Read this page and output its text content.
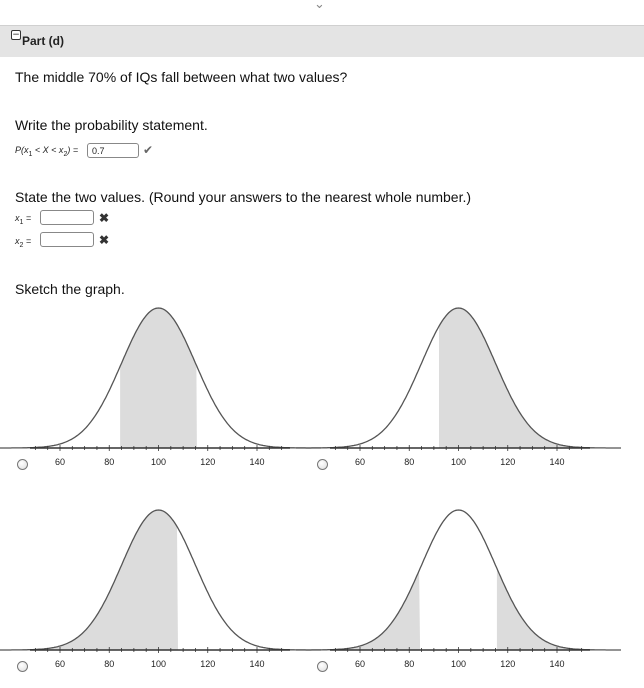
⌄
− Part (d)
The middle 70% of IQs fall between what two values?
Write the probability statement.
$P(x_1 < X < x_2)$ =	0.7	✔
State the two values. (Round your answers to the nearest whole number.)
$x_1$ =	✖
$x_2$ =	✖
Sketch the graph.
60	80	100	120	140	60	80	100	120	140
60	80	100	120	140	60	80	100	120	140
